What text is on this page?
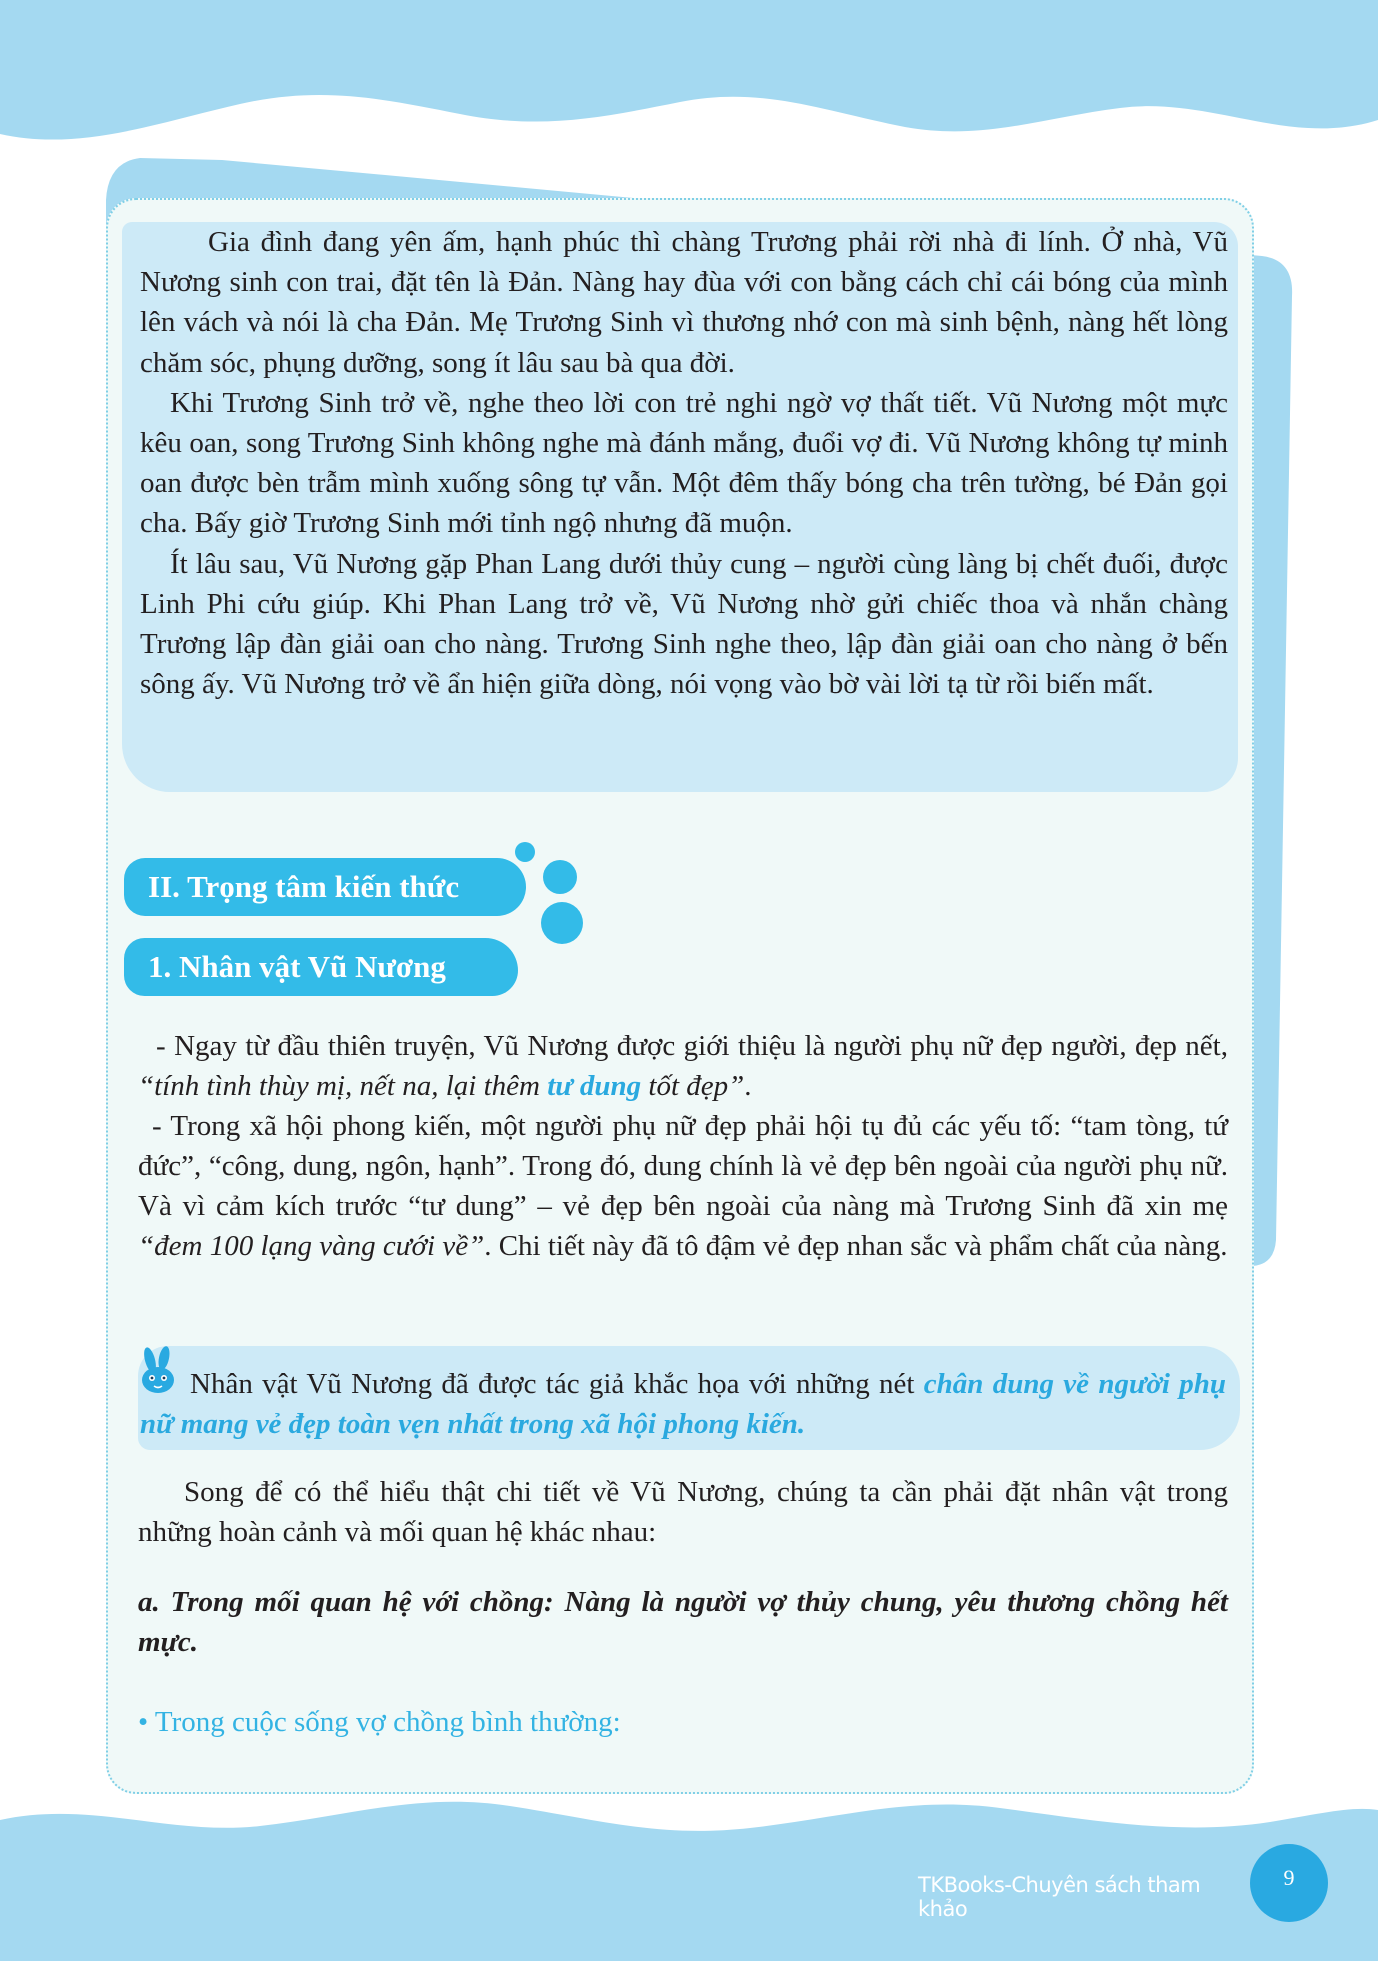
Gia đình đang yên ấm, hạnh phúc thì chàng Trương phải rời nhà đi lính. Ở nhà, Vũ Nương sinh con trai, đặt tên là Đản. Nàng hay đùa với con bằng cách chỉ cái bóng của mình lên vách và nói là cha Đản. Mẹ Trương Sinh vì thương nhớ con mà sinh bệnh, nàng hết lòng chăm sóc, phụng dưỡng, song ít lâu sau bà qua đời.

Khi Trương Sinh trở về, nghe theo lời con trẻ nghi ngờ vợ thất tiết. Vũ Nương một mực kêu oan, song Trương Sinh không nghe mà đánh mắng, đuổi vợ đi. Vũ Nương không tự minh oan được bèn trẫm mình xuống sông tự vẫn. Một đêm thấy bóng cha trên tường, bé Đản gọi cha. Bấy giờ Trương Sinh mới tỉnh ngộ nhưng đã muộn.

Ít lâu sau, Vũ Nương gặp Phan Lang dưới thủy cung – người cùng làng bị chết đuối, được Linh Phi cứu giúp. Khi Phan Lang trở về, Vũ Nương nhờ gửi chiếc thoa và nhắn chàng Trương lập đàn giải oan cho nàng. Trương Sinh nghe theo, lập đàn giải oan cho nàng ở bến sông ấy. Vũ Nương trở về ẩn hiện giữa dòng, nói vọng vào bờ vài lời tạ từ rồi biến mất.

II. Trọng tâm kiến thức
1. Nhân vật Vũ Nương

- Ngay từ đầu thiên truyện, Vũ Nương được giới thiệu là người phụ nữ đẹp người, đẹp nết, “tính tình thùy mị, nết na, lại thêm tư dung tốt đẹp”.

- Trong xã hội phong kiến, một người phụ nữ đẹp phải hội tụ đủ các yếu tố: “tam tòng, tứ đức”, “công, dung, ngôn, hạnh”. Trong đó, dung chính là vẻ đẹp bên ngoài của người phụ nữ. Và vì cảm kích trước “tư dung” – vẻ đẹp bên ngoài của nàng mà Trương Sinh đã xin mẹ “đem 100 lạng vàng cưới về”. Chi tiết này đã tô đậm vẻ đẹp nhan sắc và phẩm chất của nàng.

Nhân vật Vũ Nương đã được tác giả khắc họa với những nét chân dung về người phụ nữ mang vẻ đẹp toàn vẹn nhất trong xã hội phong kiến.
Song để có thể hiểu thật chi tiết về Vũ Nương, chúng ta cần phải đặt nhân vật trong những hoàn cảnh và mối quan hệ khác nhau:
a. Trong mối quan hệ với chồng: Nàng là người vợ thủy chung, yêu thương chồng hết mực.
• Trong cuộc sống vợ chồng bình thường:
TKBooks-Chuyên sách tham khảo
9
